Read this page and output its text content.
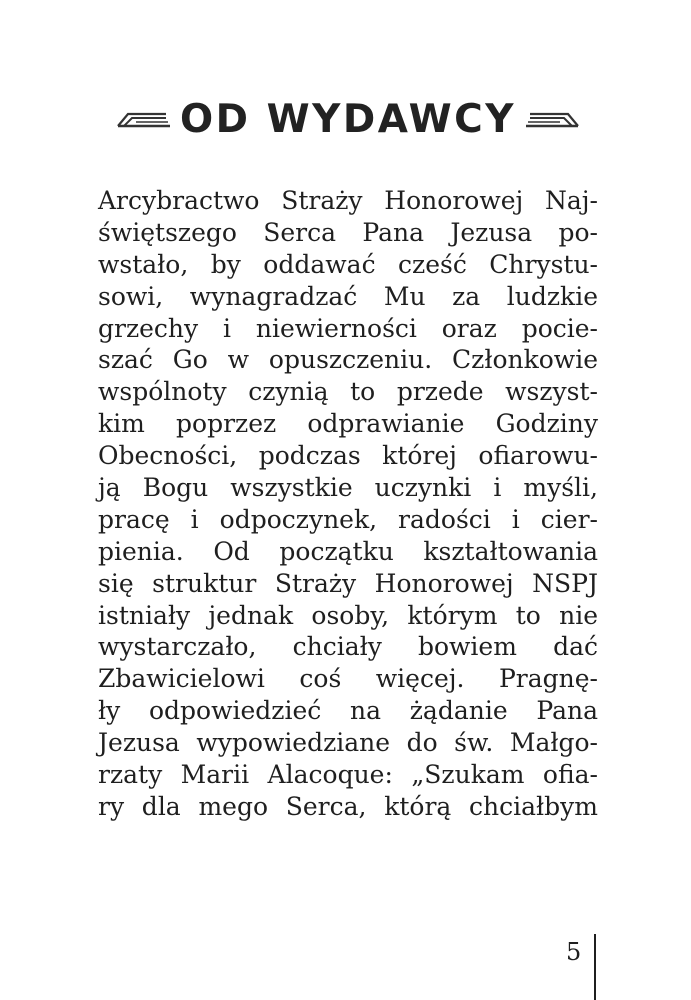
OD WYDAWCY
Arcybractwo Straży Honorowej Naj-
świętszego Serca Pana Jezusa po-
wstało, by oddawać cześć Chrystu-
sowi, wynagradzać Mu za ludzkie
grzechy i niewierności oraz pocie-
szać Go w opuszczeniu. Członkowie
wspólnoty czynią to przede wszyst-
kim poprzez odprawianie Godziny
Obecności, podczas której ofiarowu-
ją Bogu wszystkie uczynki i myśli,
pracę i odpoczynek, radości i cier-
pienia. Od początku kształtowania
się struktur Straży Honorowej NSPJ
istniały jednak osoby, którym to nie
wystarczało, chciały bowiem dać
Zbawicielowi coś więcej. Pragnę-
ły odpowiedzieć na żądanie Pana
Jezusa wypowiedziane do św. Małgo-
rzaty Marii Alacoque: „Szukam ofia-
ry dla mego Serca, którą chciałbym
5
